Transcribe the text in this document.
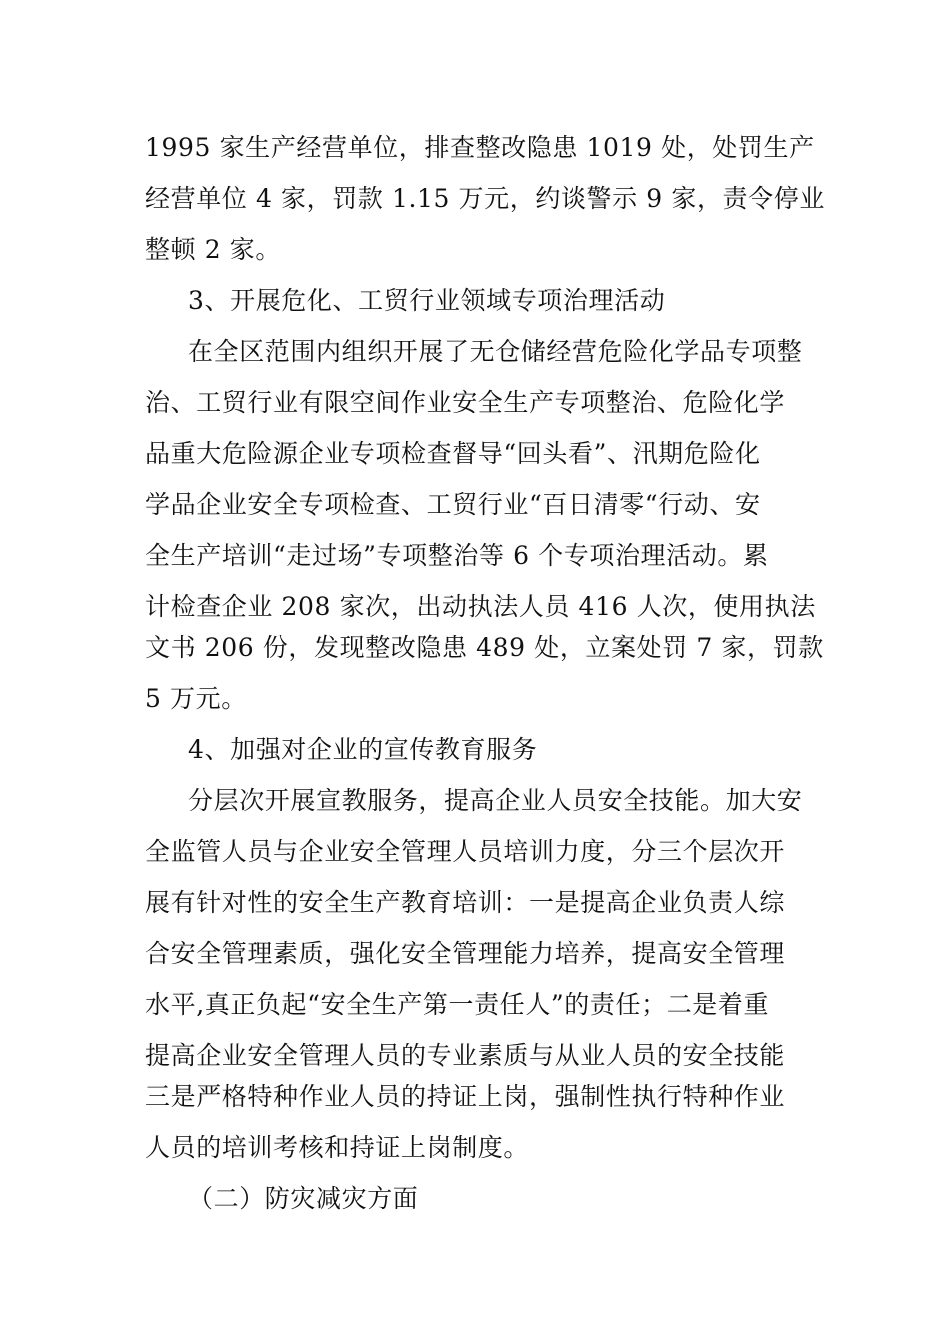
1995 家生产经营单位，排查整改隐患 1019 处，处罚生产
经营单位 4 家，罚款 1.15 万元，约谈警示 9 家，责令停业
整顿 2 家。
3、开展危化、工贸行业领域专项治理活动
在全区范围内组织开展了无仓储经营危险化学品专项整
治、工贸行业有限空间作业安全生产专项整治、危险化学
品重大危险源企业专项检查督导“回头看”、汛期危险化
学品企业安全专项检查、工贸行业“百日清零“行动、安
全生产培训“走过场”专项整治等 6 个专项治理活动。累
计检查企业 208 家次，出动执法人员 416 人次，使用执法
文书 206 份，发现整改隐患 489 处，立案处罚 7 家，罚款
5 万元。
4、加强对企业的宣传教育服务
分层次开展宣教服务，提高企业人员安全技能。加大安
全监管人员与企业安全管理人员培训力度，分三个层次开
展有针对性的安全生产教育培训：一是提高企业负责人综
合安全管理素质，强化安全管理能力培养，提高安全管理
水平,真正负起“安全生产第一责任人”的责任；二是着重
提高企业安全管理人员的专业素质与从业人员的安全技能
三是严格特种作业人员的持证上岗，强制性执行特种作业
人员的培训考核和持证上岗制度。
（二）防灾减灾方面
